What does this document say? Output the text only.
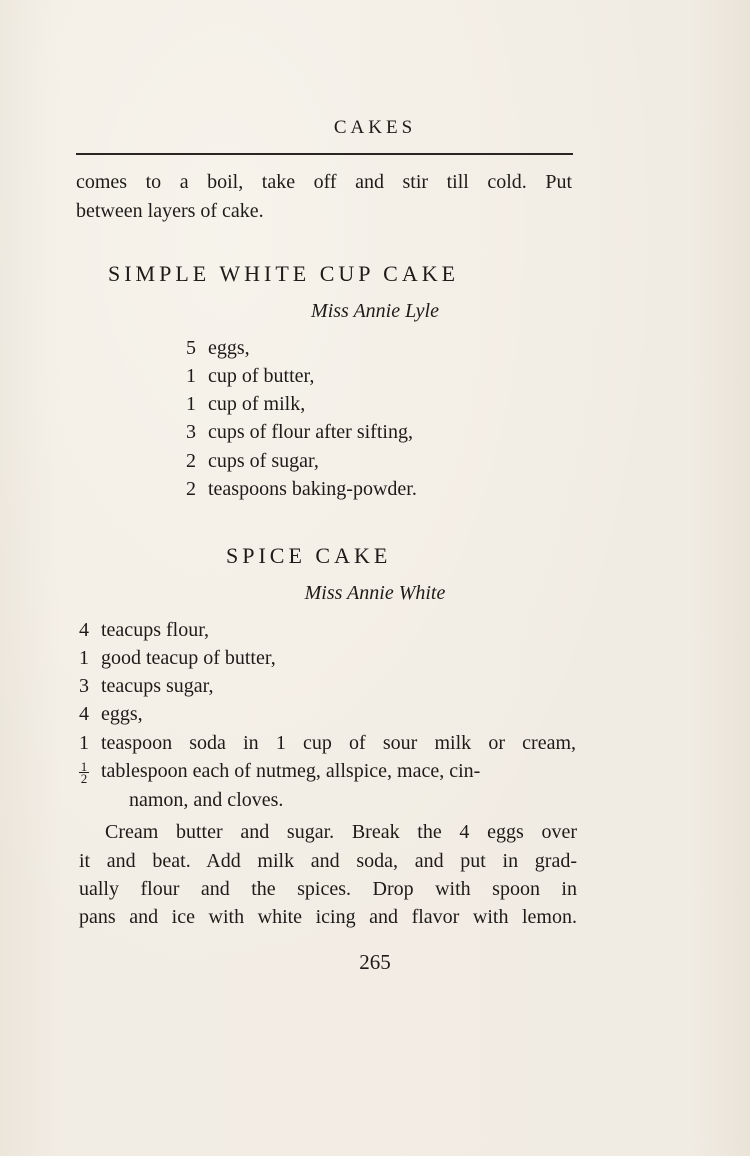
CAKES
comes to a boil, take off and stir till cold. Put
between layers of cake.
SIMPLE WHITE CUP CAKE
Miss Annie Lyle
5 eggs,
1 cup of butter,
1 cup of milk,
3 cups of flour after sifting,
2 cups of sugar,
2 teaspoons baking-powder.
SPICE CAKE
Miss Annie White
4 teacups flour,
1 good teacup of butter,
3 teacups sugar,
4 eggs,
1 teaspoon soda in 1 cup of sour milk or cream,
$\frac{1}{2}$ tablespoon each of nutmeg, allspice, mace, cin-
namon, and cloves.
Cream butter and sugar. Break the 4 eggs over
it and beat. Add milk and soda, and put in grad-
ually flour and the spices. Drop with spoon in
pans and ice with white icing and flavor with lemon.
265
